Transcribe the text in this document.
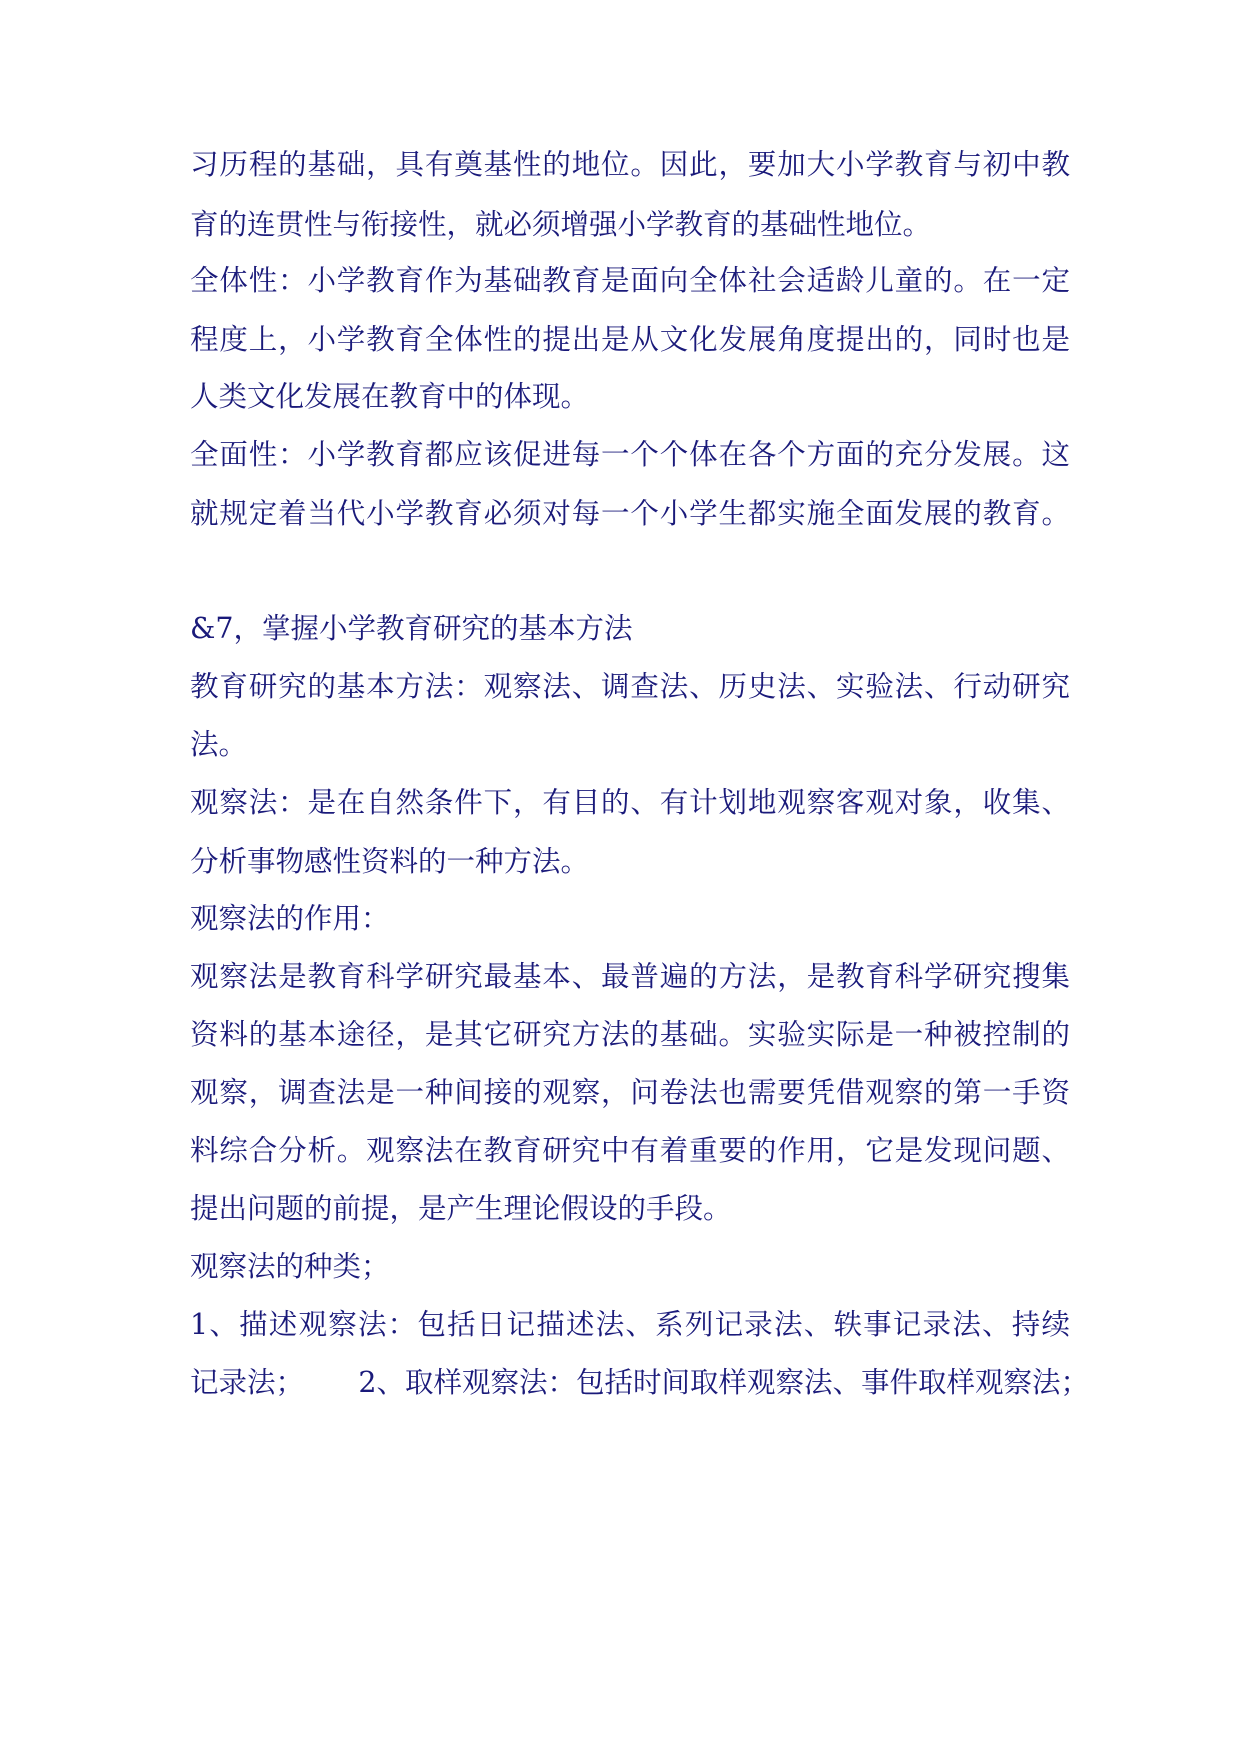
习历程的基础，具有奠基性的地位。因此，要加大小学教育与初中教
育的连贯性与衔接性，就必须增强小学教育的基础性地位。
全体性：小学教育作为基础教育是面向全体社会适龄儿童的。在一定
程度上，小学教育全体性的提出是从文化发展角度提出的，同时也是
人类文化发展在教育中的体现。
全面性：小学教育都应该促进每一个个体在各个方面的充分发展。这
就规定着当代小学教育必须对每一个小学生都实施全面发展的教育。
&7，掌握小学教育研究的基本方法
教育研究的基本方法：观察法、调查法、历史法、实验法、行动研究
法。
观察法：是在自然条件下，有目的、有计划地观察客观对象，收集、
分析事物感性资料的一种方法。
观察法的作用：
观察法是教育科学研究最基本、最普遍的方法，是教育科学研究搜集
资料的基本途径，是其它研究方法的基础。实验实际是一种被控制的
观察，调查法是一种间接的观察，问卷法也需要凭借观察的第一手资
料综合分析。观察法在教育研究中有着重要的作用，它是发现问题、
提出问题的前提，是产生理论假设的手段。
观察法的种类；
1、描述观察法：包括日记描述法、系列记录法、轶事记录法、持续
记录法；      2、取样观察法：包括时间取样观察法、事件取样观察法；
